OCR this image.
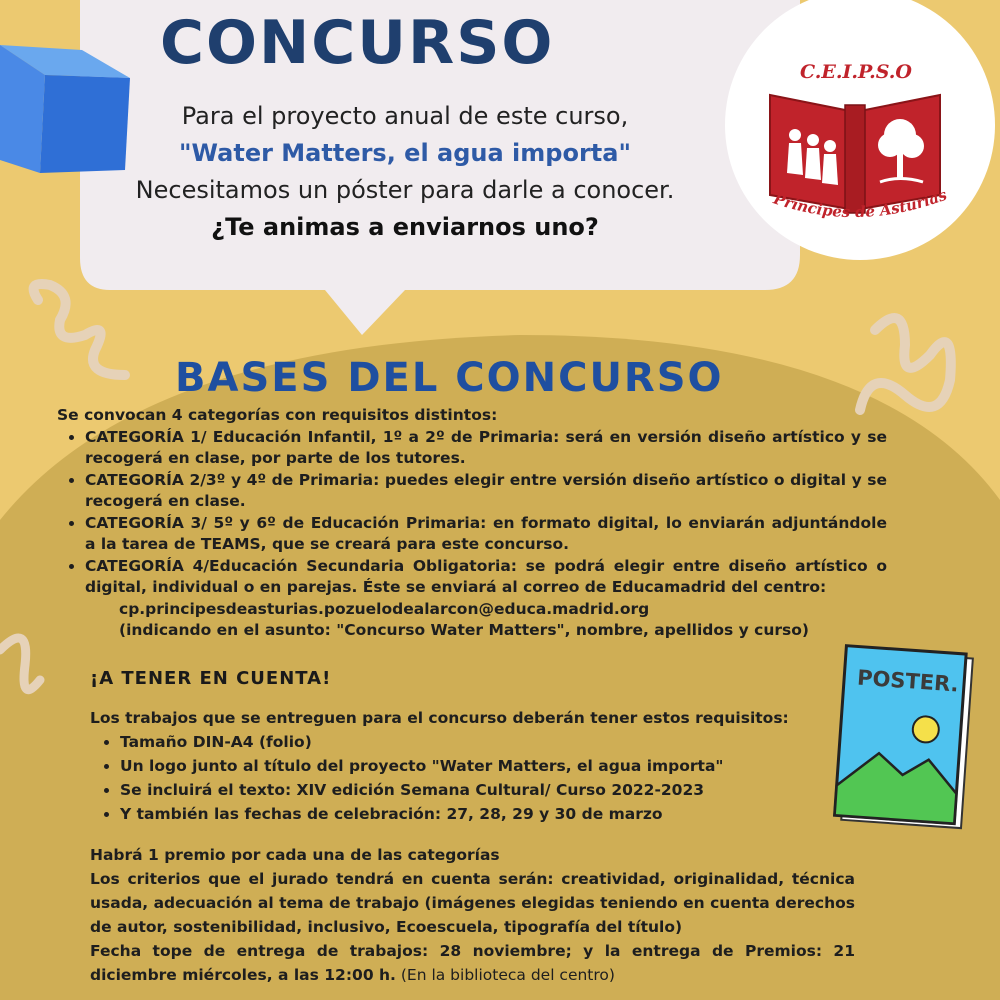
C.E.I.P.S.O
Príncipes de Asturias
CONCURSO
Para el proyecto anual de este curso,
"Water Matters, el agua importa"
Necesitamos un póster para darle a conocer.
¿Te animas a enviarnos uno?
BASES DEL CONCURSO

Se convocan 4 categorías con requisitos distintos:

• CATEGORÍA 1/ Educación Infantil, 1º a 2º de Primaria: será en versión diseño artístico y se recogerá en clase, por parte de los tutores.
• CATEGORÍA 2/3º y 4º de Primaria: puedes elegir entre versión diseño artístico o digital y se recogerá en clase.
• CATEGORÍA 3/ 5º y 6º de Educación Primaria: en formato digital, lo enviarán adjuntándole a la tarea de TEAMS, que se creará para este concurso.
• CATEGORÍA 4/Educación Secundaria Obligatoria: se podrá elegir entre diseño artístico o digital, individual o en parejas. Éste se enviará al correo de Educamadrid del centro:

cp.principesdeasturias.pozuelodealarcon@educa.madrid.org

(indicando en el asunto: "Concurso Water Matters", nombre, apellidos y curso)

¡A TENER EN CUENTA!

Los trabajos que se entreguen para el concurso deberán tener estos requisitos:

• Tamaño DIN-A4 (folio)
• Un logo junto al título del proyecto "Water Matters, el agua importa"
• Se incluirá el texto: XIV edición Semana Cultural/ Curso 2022-2023
• Y también las fechas de celebración: 27, 28, 29 y 30 de marzo

Habrá 1 premio por cada una de las categorías

Los criterios que el jurado tendrá en cuenta serán: creatividad, originalidad, técnica usada, adecuación al tema de trabajo (imágenes elegidas teniendo en cuenta derechos de autor, sostenibilidad, inclusivo, Ecoescuela, tipografía del título)

Fecha tope de entrega de trabajos: 28 noviembre; y la entrega de Premios: 21 diciembre miércoles, a las 12:00 h. (En la biblioteca del centro)

POSTER.
